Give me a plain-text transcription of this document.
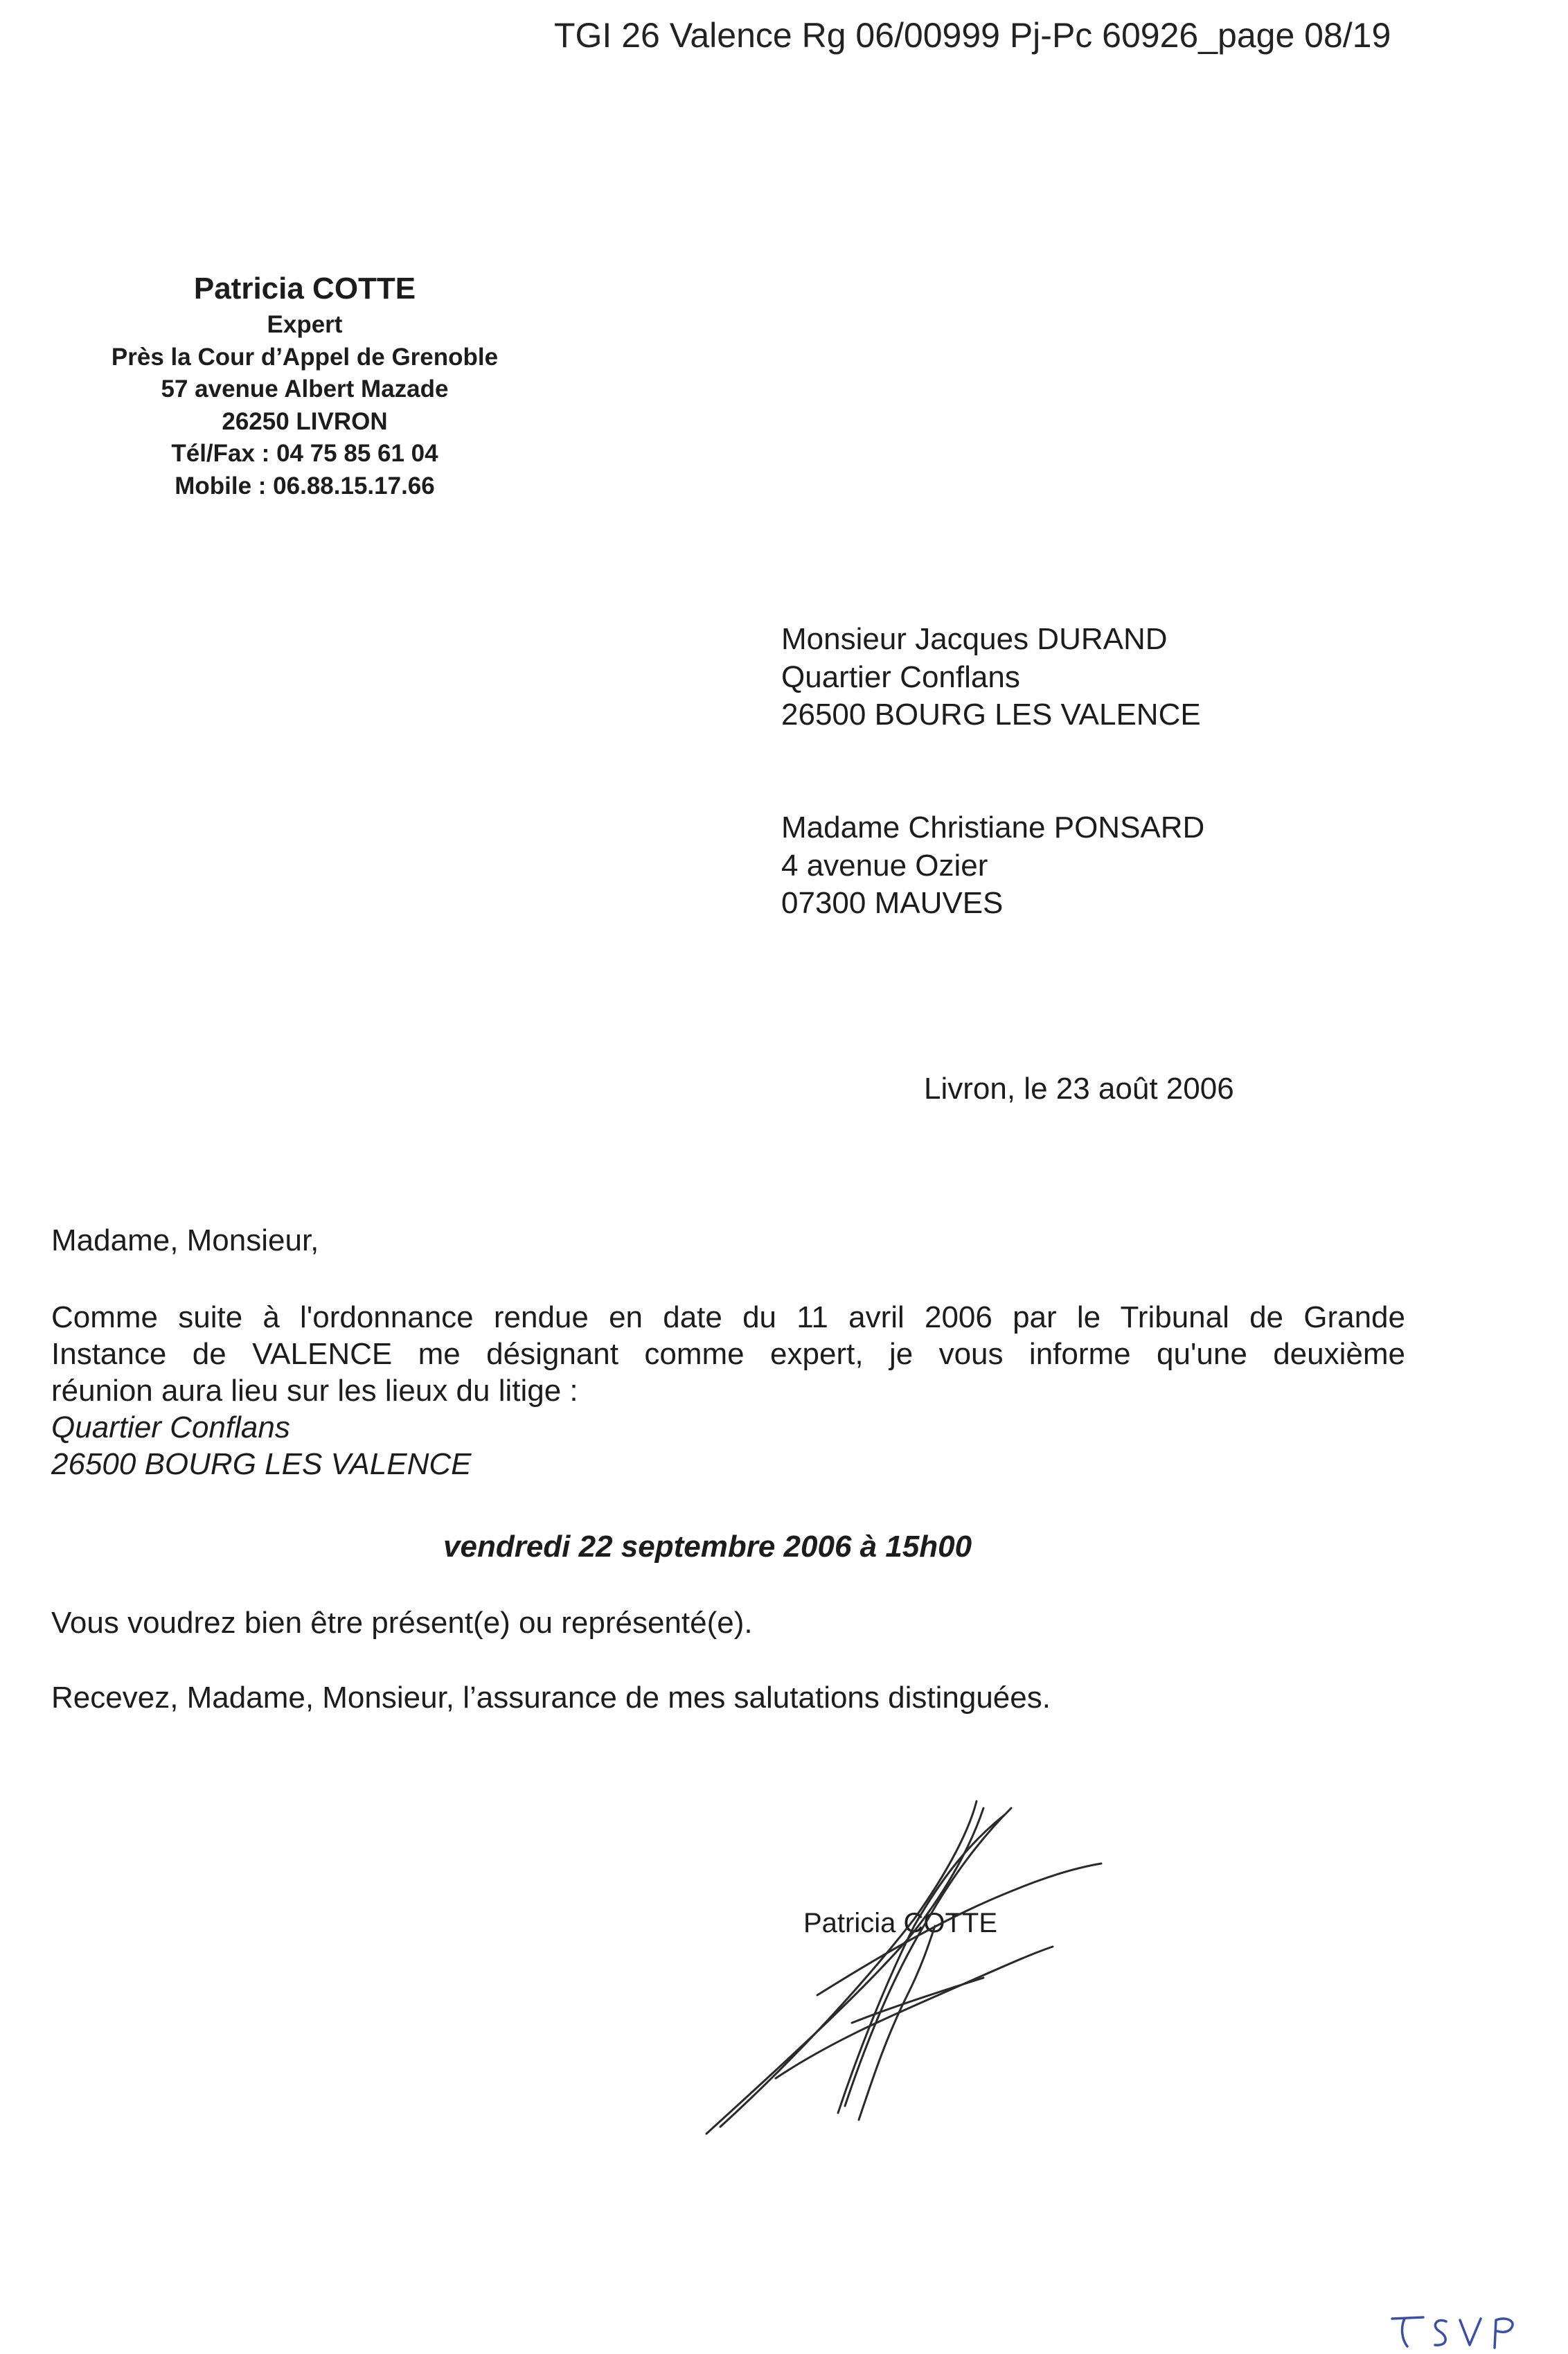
TGI 26 Valence Rg 06/00999 Pj-Pc 60926_page 08/19
Patricia COTTE
Expert
Près la Cour d’Appel de Grenoble
57 avenue Albert Mazade
26250 LIVRON
Tél/Fax : 04 75 85 61 04
Mobile : 06.88.15.17.66
Monsieur Jacques DURAND
Quartier Conflans
26500 BOURG LES VALENCE
Madame Christiane PONSARD
4 avenue Ozier
07300 MAUVES
Livron, le 23 août 2006
Madame, Monsieur,
Comme suite à l'ordonnance rendue en date du 11 avril 2006 par le Tribunal de Grande
Instance de VALENCE me désignant comme expert, je vous informe qu'une deuxième
réunion aura lieu sur les lieux du litige :
Quartier Conflans
26500 BOURG LES VALENCE
vendredi 22 septembre 2006 à 15h00
Vous voudrez bien être présent(e) ou représenté(e).
Recevez, Madame, Monsieur, l’assurance de mes salutations distinguées.
Patricia COTTE
